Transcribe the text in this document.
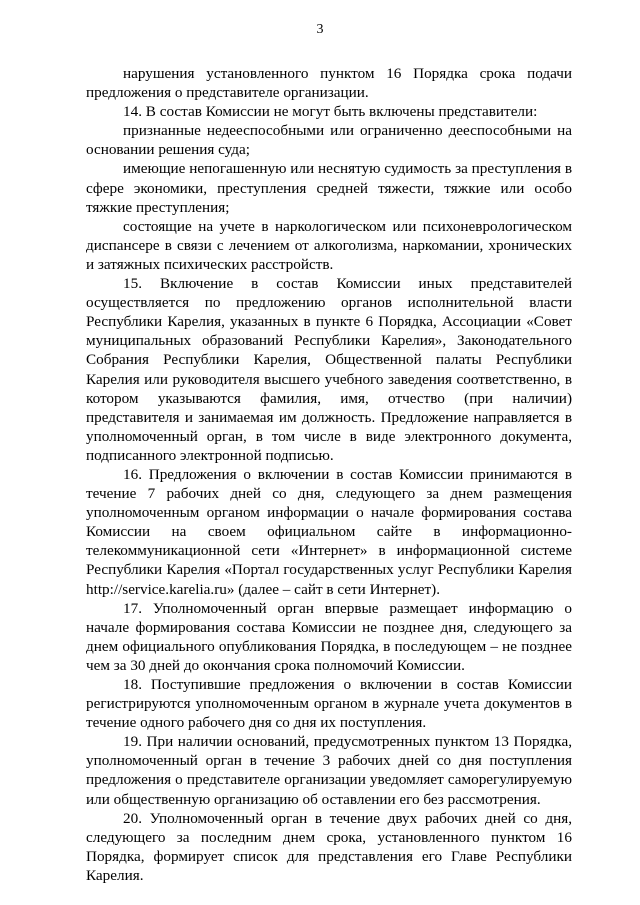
3

нарушения установленного пунктом 16 Порядка срока подачи предложения о представителе организации.

14. В состав Комиссии не могут быть включены представители:

признанные недееспособными или ограниченно дееспособными на основании решения суда;

имеющие непогашенную или неснятую судимость за преступления в сфере экономики, преступления средней тяжести, тяжкие или особо тяжкие преступления;

состоящие на учете в наркологическом или психоневрологическом диспансере в связи с лечением от алкоголизма, наркомании, хронических и затяжных психических расстройств.

15. Включение в состав Комиссии иных представителей осуществляется по предложению органов исполнительной власти Республики Карелия, указанных в пункте 6 Порядка, Ассоциации «Совет муниципальных образований Республики Карелия», Законодательного Собрания Республики Карелия, Общественной палаты Республики Карелия или руководителя высшего учебного заведения соответственно, в котором указываются фамилия, имя, отчество (при наличии) представителя и занимаемая им должность. Предложение направляется в уполномоченный орган, в том числе в виде электронного документа, подписанного электронной подписью.

16. Предложения о включении в состав Комиссии принимаются в течение 7 рабочих дней со дня, следующего за днем размещения уполномоченным органом информации о начале формирования состава Комиссии на своем официальном сайте в информационно-телекоммуникационной сети «Интернет» в информационной системе Республики Карелия «Портал государственных услуг Республики Карелия http://service.karelia.ru» (далее – сайт в сети Интернет).

17. Уполномоченный орган впервые размещает информацию о начале формирования состава Комиссии не позднее дня, следующего за днем официального опубликования Порядка, в последующем – не позднее чем за 30 дней до окончания срока полномочий Комиссии.

18. Поступившие предложения о включении в состав Комиссии регистрируются уполномоченным органом в журнале учета документов в течение одного рабочего дня со дня их поступления.

19. При наличии оснований, предусмотренных пунктом 13 Порядка, уполномоченный орган в течение 3 рабочих дней со дня поступления предложения о представителе организации уведомляет саморегулируемую или общественную организацию об оставлении его без рассмотрения.

20. Уполномоченный орган в течение двух рабочих дней со дня, следующего за последним днем срока, установленного пунктом 16 Порядка, формирует список для представления его Главе Республики Карелия.
